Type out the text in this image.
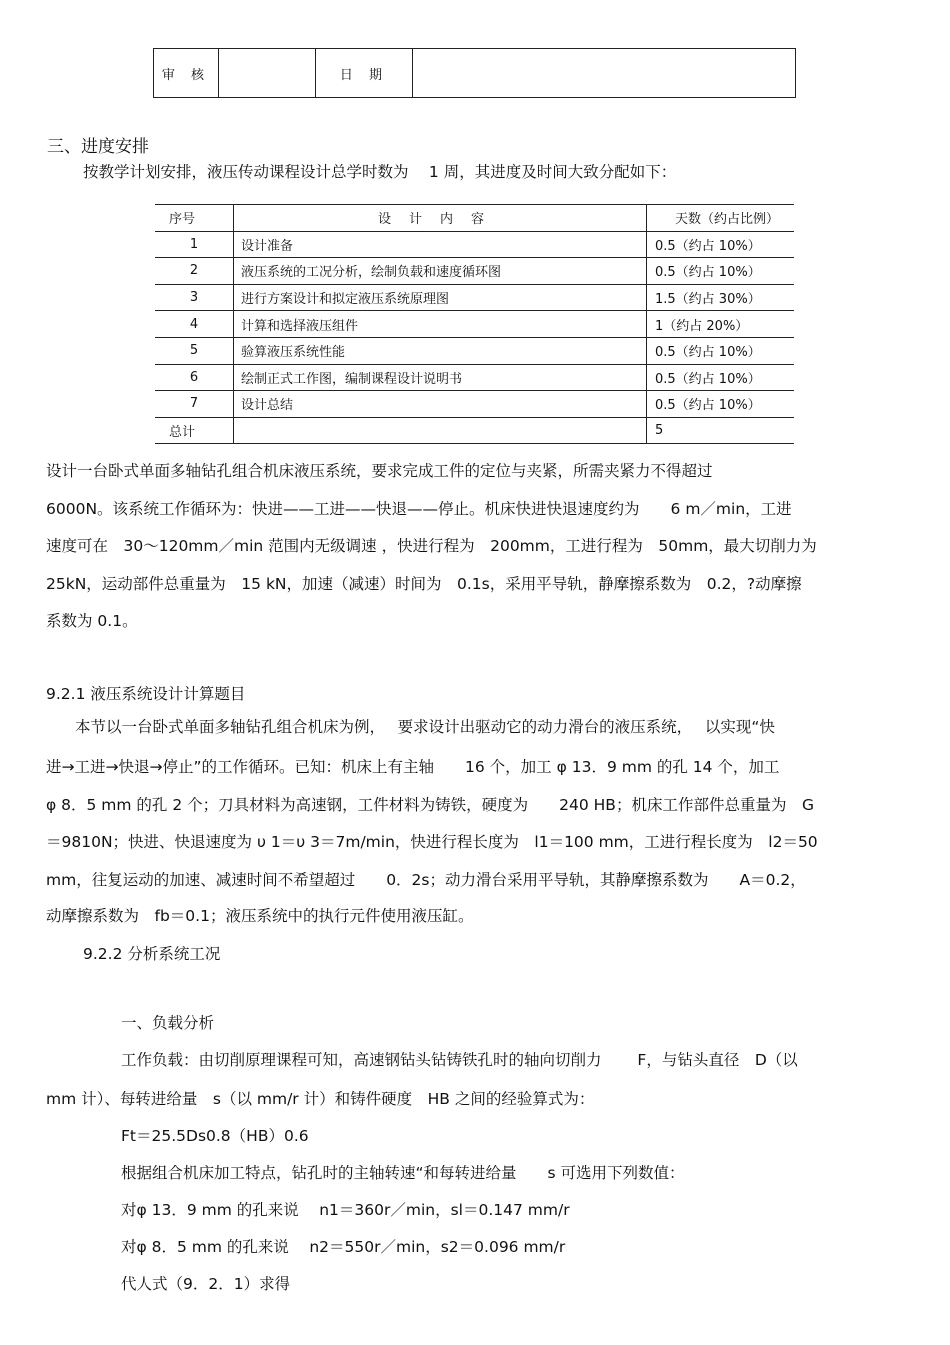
审 核		日 期	
三、进度安排
按教学计划安排，液压传动课程设计总学时数为　 1 周，其进度及时间大致分配如下：
序号	设计内容	天数（约占比例）
1	设计准备	0.5（约占 10%）
2	液压系统的工况分析，绘制负载和速度循环图	0.5（约占 10%）
3	进行方案设计和拟定液压系统原理图	1.5（约占 30%）
4	计算和选择液压组件	1（约占 20%）
5	验算液压系统性能	0.5（约占 10%）
6	绘制正式工作图，编制课程设计说明书	0.5（约占 10%）
7	设计总结	0.5（约占 10%）
总计		5
设计一台卧式单面多轴钻孔组合机床液压系统，要求完成工件的定位与夹紧，所需夹紧力不得超过
6000N。该系统工作循环为：快进——工进——快退——停止。机床快进快退速度约为　　6 m／min，工进
速度可在　30～120mm／min 范围内无级调速 ，快进行程为　200mm，工进行程为　50mm，最大切削力为
25kN，运动部件总重量为　15 kN，加速（减速）时间为　0.1s，采用平导轨，静摩擦系数为　0.2，?动摩擦
系数为 0.1。
9.2.1 液压系统设计计算题目
本节以一台卧式单面多轴钻孔组合机床为例，　 要求设计出驱动它的动力滑台的液压系统，　 以实现“快
进→工进→快退→停止”的工作循环。已知：机床上有主轴　　16 个，加工 φ 13．9 mm 的孔 14 个，加工
φ 8．5 mm 的孔 2 个；刀具材料为高速钢，工件材料为铸铁，硬度为　　240 HB；机床工作部件总重量为　G
＝9810N；快进、快退速度为 υ 1＝υ 3＝7m/min，快进行程长度为　l1＝100 mm，工进行程长度为　l2＝50
mm，往复运动的加速、减速时间不希望超过　　0．2s；动力滑台采用平导轨，其静摩擦系数为　　A＝0.2，
动摩擦系数为　fb＝0.1；液压系统中的执行元件使用液压缸。
9.2.2 分析系统工况
一、负载分析
工作负载：由切削原理课程可知，高速钢钻头钻铸铁孔时的轴向切削力　　 F，与钻头直径　D（以
mm 计）、每转进给量　s（以 mm/r 计）和铸件硬度　HB 之间的经验算式为：
Ft＝25.5Ds0.8（HB）0.6
根据组合机床加工特点，钻孔时的主轴转速“和每转进给量　　s 可选用下列数值：
对φ 13．9 mm 的孔来说　 n1＝360r／min，sl＝0.147 mm/r
对φ 8．5 mm 的孔来说　 n2＝550r／min，s2＝0.096 mm/r
代人式（9．2．1）求得
